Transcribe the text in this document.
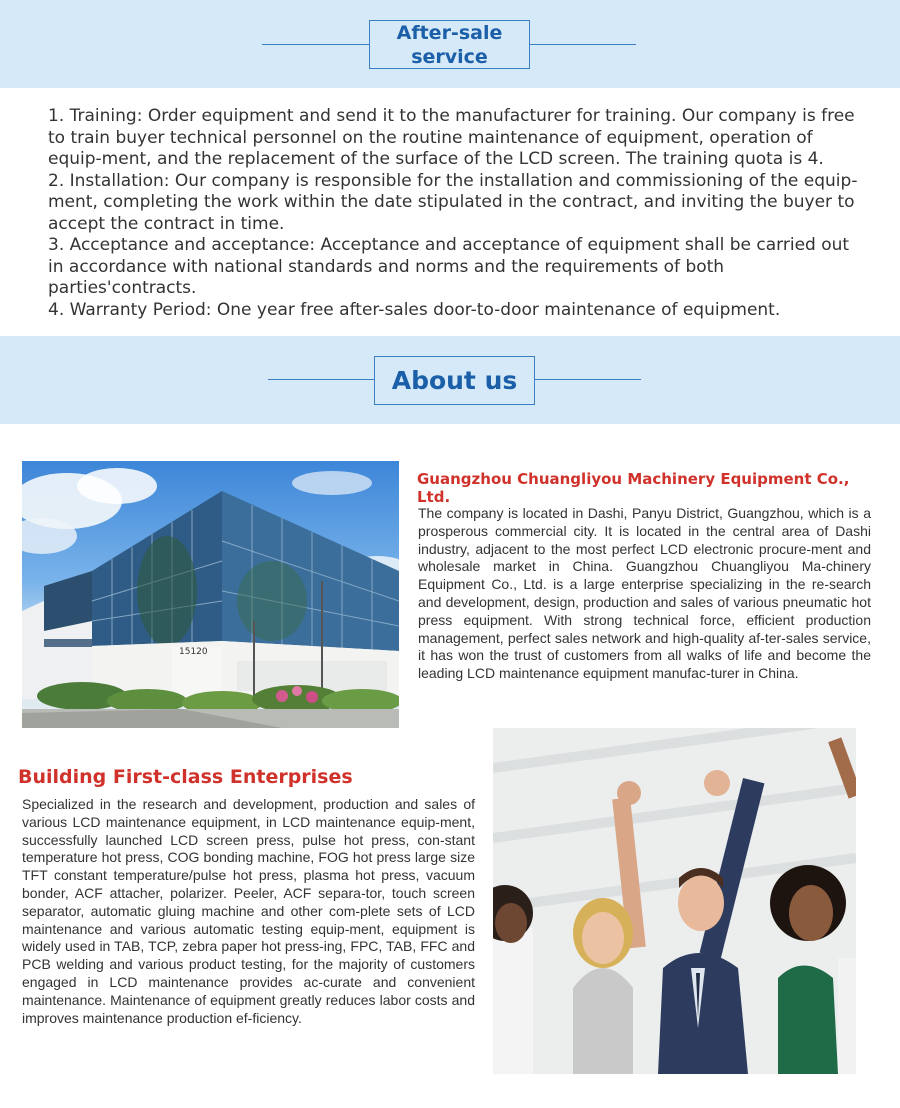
After-sale service

1. Training: Order equipment and send it to the manufacturer for training. Our company is free to train buyer technical personnel on the routine maintenance of equipment, operation of equip-ment, and the replacement of the surface of the LCD screen. The training quota is 4.

2. Installation: Our company is responsible for the installation and commissioning of the equip-ment, completing the work within the date stipulated in the contract, and inviting the buyer to accept the contract in time.

3. Acceptance and acceptance: Acceptance and acceptance of equipment shall be carried out in accordance with national standards and norms and the requirements of both parties'contracts.

4. Warranty Period: One year free after-sales door-to-door maintenance of equipment.

About us
15120
Guangzhou Chuangliyou Machinery Equipment Co., Ltd.
The company is located in Dashi, Panyu District, Guangzhou, which is a prosperous commercial city. It is located in the central area of Dashi industry, adjacent to the most perfect LCD electronic procure-ment and wholesale market in China. Guangzhou Chuangliyou Ma-chinery Equipment Co., Ltd. is a large enterprise specializing in the re-search and development, design, production and sales of various pneumatic hot press equipment. With strong technical force, efficient production management, perfect sales network and high-quality af-ter-sales service, it has won the trust of customers from all walks of life and become the leading LCD maintenance equipment manufac-turer in China.
Building First-class Enterprises
Specialized in the research and development, production and sales of various LCD maintenance equipment, in LCD maintenance equip-ment, successfully launched LCD screen press, pulse hot press, con-stant temperature hot press, COG bonding machine, FOG hot press large size TFT constant temperature/pulse hot press, plasma hot press, vacuum bonder, ACF attacher, polarizer. Peeler, ACF separa-tor, touch screen separator, automatic gluing machine and other com-plete sets of LCD maintenance and various automatic testing equip-ment, equipment is widely used in TAB, TCP, zebra paper hot press-ing, FPC, TAB, FFC and PCB welding and various product testing, for the majority of customers engaged in LCD maintenance provides ac-curate and convenient maintenance. Maintenance of equipment greatly reduces labor costs and improves maintenance production ef-ficiency.
